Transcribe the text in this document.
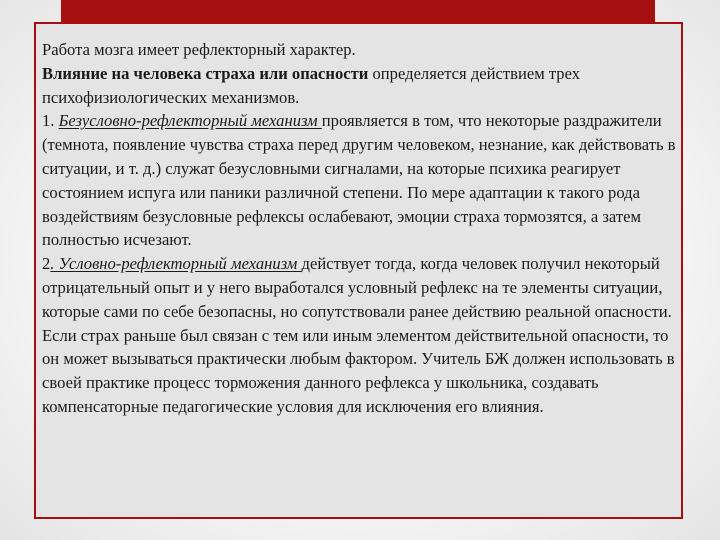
Работа мозга имеет рефлекторный характер.

Влияние на человека страха или опасности определяется действием трех психофизиологических механизмов.

1. Безусловно-рефлекторный механизм проявляется в том, что некоторые раздражители (темнота, появление чувства страха перед другим человеком, незнание, как действовать в ситуации, и т. д.) служат безусловными сигналами, на которые психика реагирует состоянием испуга или паники различной степени. По мере адаптации к такого рода воздействиям безусловные рефлексы ослабевают, эмоции страха тормозятся, а затем полностью исчезают.

2. Условно-рефлекторный механизм действует тогда, когда человек получил некоторый отрицательный опыт и у него выработался условный рефлекс на те элементы ситуации, которые сами по себе безопасны, но сопутствовали ранее действию реальной опасности. Если страх раньше был связан с тем или иным элементом действительной опасности, то он может вызываться практически любым фактором. Учитель БЖ должен использовать в своей практике процесс торможения данного рефлекса у школьника, создавать компенсаторные педагогические условия для исключения его влияния.
